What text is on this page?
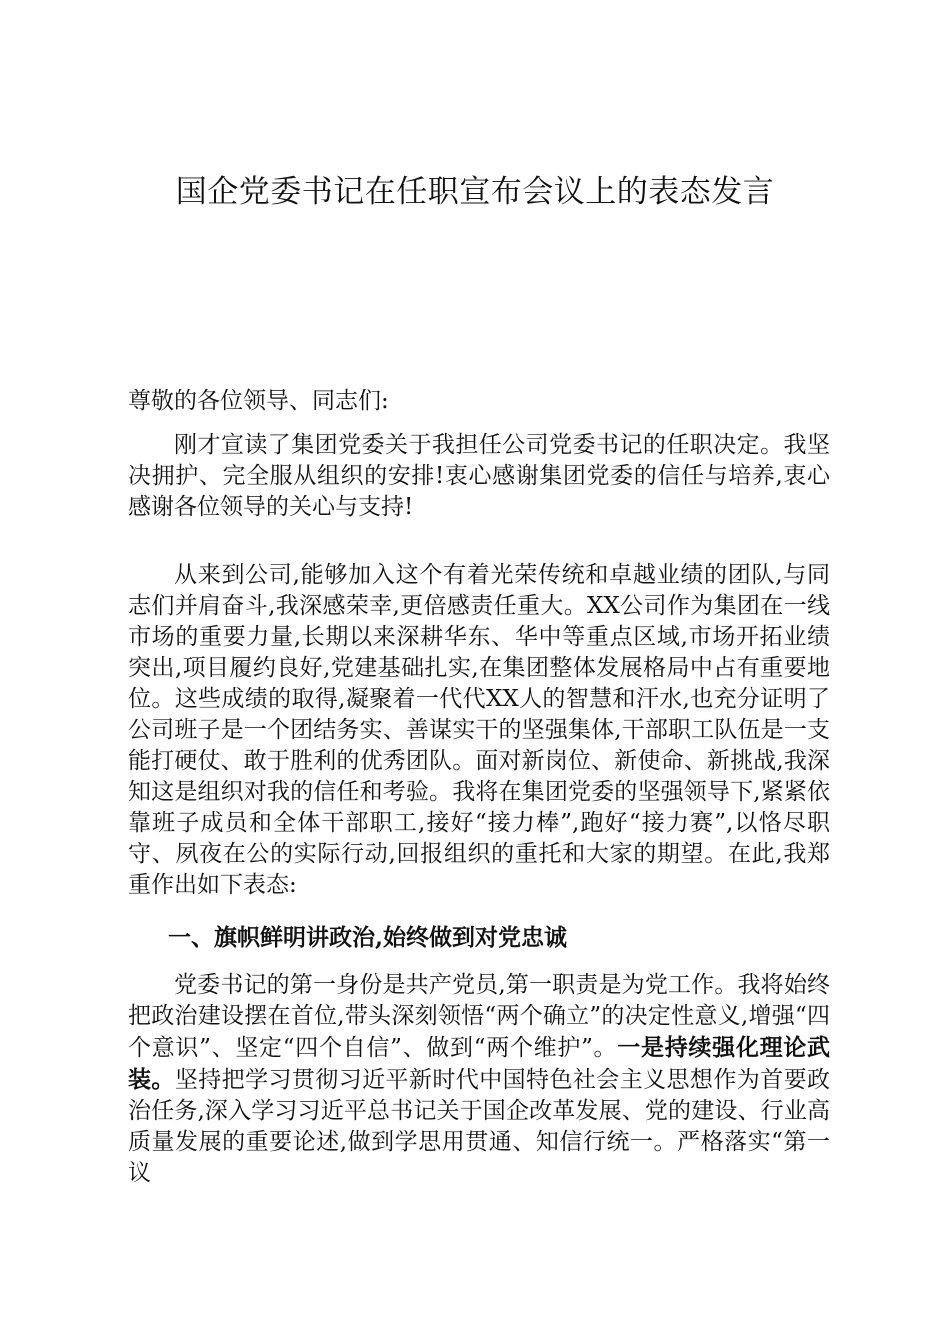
国企党委书记在任职宣布会议上的表态发言

尊敬的各位领导、同志们:

刚才宣读了集团党委关于我担任公司党委书记的任职决定。我坚决拥护、完全服从组织的安排!衷心感谢集团党委的信任与培养,衷心感谢各位领导的关心与支持!

从来到公司,能够加入这个有着光荣传统和卓越业绩的团队,与同志们并肩奋斗,我深感荣幸,更倍感责任重大。XX公司作为集团在一线市场的重要力量,长期以来深耕华东、华中等重点区域,市场开拓业绩突出,项目履约良好,党建基础扎实,在集团整体发展格局中占有重要地位。这些成绩的取得,凝聚着一代代XX人的智慧和汗水,也充分证明了公司班子是一个团结务实、善谋实干的坚强集体,干部职工队伍是一支能打硬仗、敢于胜利的优秀团队。面对新岗位、新使命、新挑战,我深知这是组织对我的信任和考验。我将在集团党委的坚强领导下,紧紧依靠班子成员和全体干部职工,接好“接力棒”,跑好“接力赛”,以恪尽职守、夙夜在公的实际行动,回报组织的重托和大家的期望。在此,我郑重作出如下表态:

一、旗帜鲜明讲政治,始终做到对党忠诚

党委书记的第一身份是共产党员,第一职责是为党工作。我将始终把政治建设摆在首位,带头深刻领悟“两个确立”的决定性意义,增强“四个意识”、坚定“四个自信”、做到“两个维护”。一是持续强化理论武装。坚持把学习贯彻习近平新时代中国特色社会主义思想作为首要政治任务,深入学习习近平总书记关于国企改革发展、党的建设、行业高质量发展的重要论述,做到学思用贯通、知信行统一。严格落实“第一议
